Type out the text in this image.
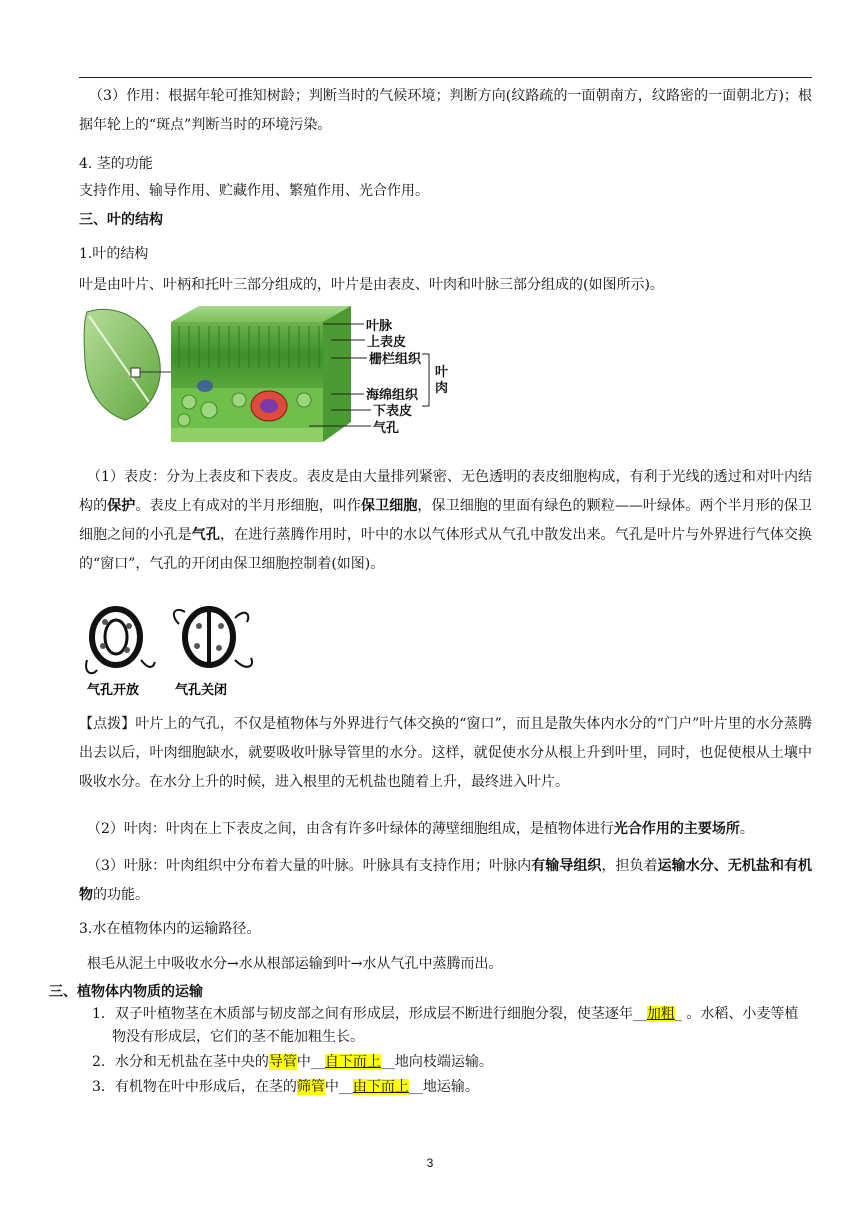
（3）作用：根据年轮可推知树龄；判断当时的气候环境；判断方向(纹路疏的一面朝南方，纹路密的一面朝北方)；根据年轮上的“斑点”判断当时的环境污染。

4. 茎的功能

支持作用、输导作用、贮藏作用、繁殖作用、光合作用。

三、叶的结构

1.叶的结构

叶是由叶片、叶柄和托叶三部分组成的，叶片是由表皮、叶肉和叶脉三部分组成的(如图所示)。

叶脉
上表皮
栅栏组织
海绵组织
下表皮
气孔
叶
肉

（1）表皮：分为上表皮和下表皮。表皮是由大量排列紧密、无色透明的表皮细胞构成，有利于光线的透过和对叶内结构的保护。表皮上有成对的半月形细胞，叫作保卫细胞，保卫细胞的里面有绿色的颗粒——叶绿体。两个半月形的保卫细胞之间的小孔是气孔，在进行蒸腾作用时，叶中的水以气体形式从气孔中散发出来。气孔是叶片与外界进行气体交换的“窗口”，气孔的开闭由保卫细胞控制着(如图)。

气孔开放	气孔关闭

【点拨】叶片上的气孔，不仅是植物体与外界进行气体交换的“窗口”，而且是散失体内水分的“门户”叶片里的水分蒸腾出去以后，叶肉细胞缺水，就要吸收叶脉导管里的水分。这样，就促使水分从根上升到叶里，同时，也促使根从土壤中吸收水分。在水分上升的时候，进入根里的无机盐也随着上升，最终进入叶片。

（2）叶肉：叶肉在上下表皮之间，由含有许多叶绿体的薄壁细胞组成，是植物体进行光合作用的主要场所。

（3）叶脉：叶肉组织中分布着大量的叶脉。叶脉具有支持作用；叶脉内有输导组织，担负着运输水分、无机盐和有机物的功能。

3.水在植物体内的运输路径。

根毛从泥土中吸收水分→水从根部运输到叶→水从气孔中蒸腾而出。

三、植物体内物质的运输

1．双子叶植物茎在木质部与韧皮部之间有形成层，形成层不断进行细胞分裂，使茎逐年__加粗_ 。水稻、小麦等植物没有形成层，它们的茎不能加粗生长。

2．水分和无机盐在茎中央的导管中__自下而上__地向枝端运输。

3．有机物在叶中形成后，在茎的筛管中__由下而上__地运输。

3
